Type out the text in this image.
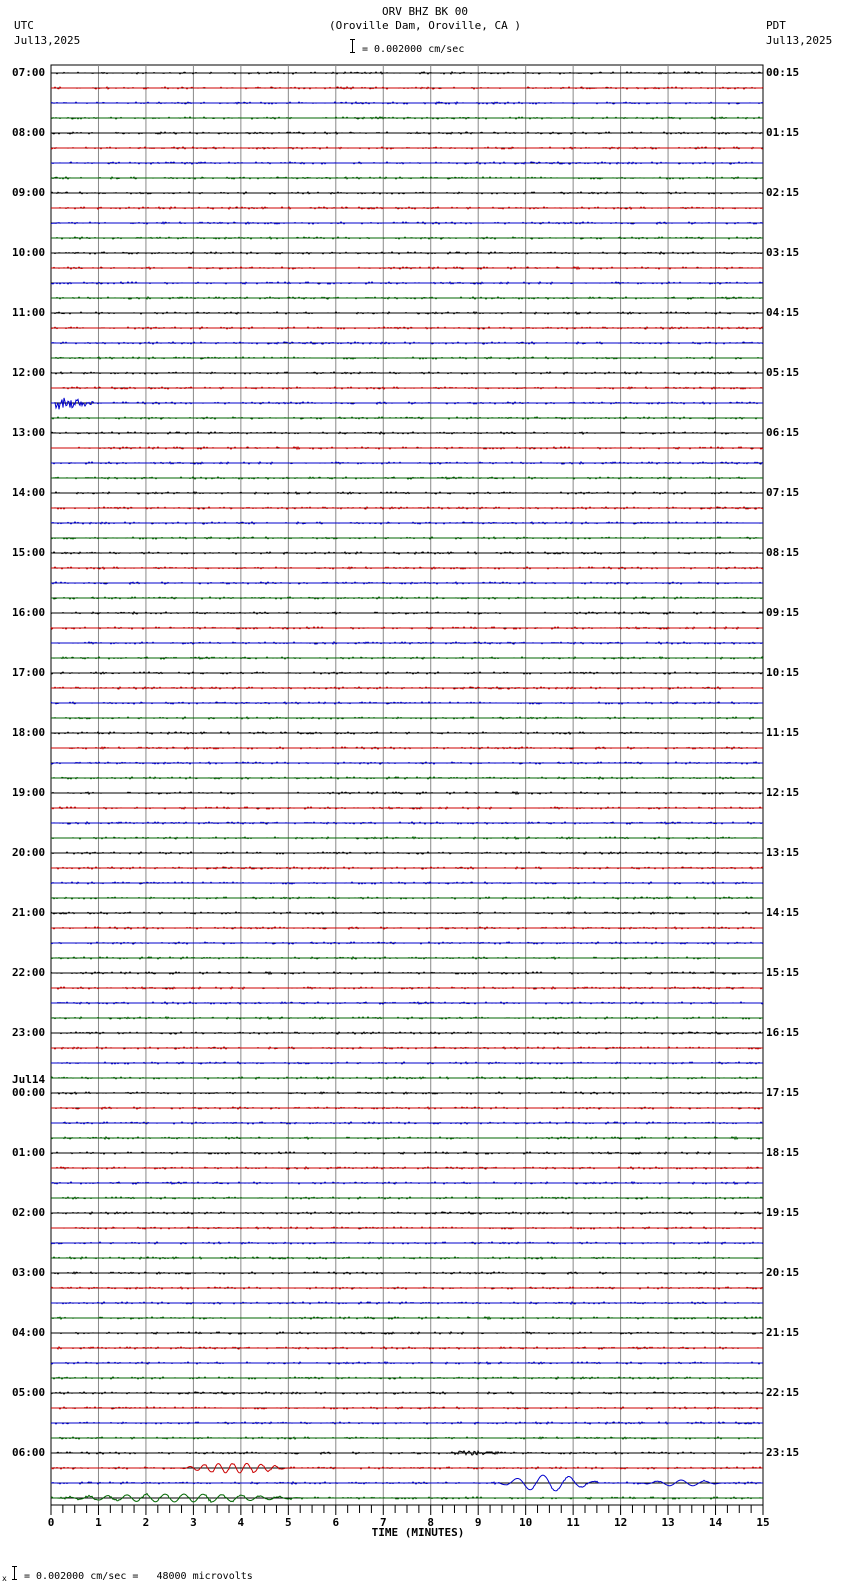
ORV BHZ BK 00
(Oroville Dam, Oroville, CA )
UTC
Jul13,2025
PDT
Jul13,2025
= 0.002000 cm/sec
07:00
08:00
09:00
10:00
11:00
12:00
13:00
14:00
15:00
16:00
17:00
18:00
19:00
20:00
21:00
22:00
23:00
Jul14
00:00
01:00
02:00
03:00
04:00
05:00
06:00
00:15
01:15
02:15
03:15
04:15
05:15
06:15
07:15
08:15
09:15
10:15
11:15
12:15
13:15
14:15
15:15
16:15
17:15
18:15
19:15
20:15
21:15
22:15
23:15
0	1	2	3	4	5	6	7	8	9	10	11	12	13	14	15
TIME (MINUTES)
x = 0.002000 cm/sec =   48000 microvolts
